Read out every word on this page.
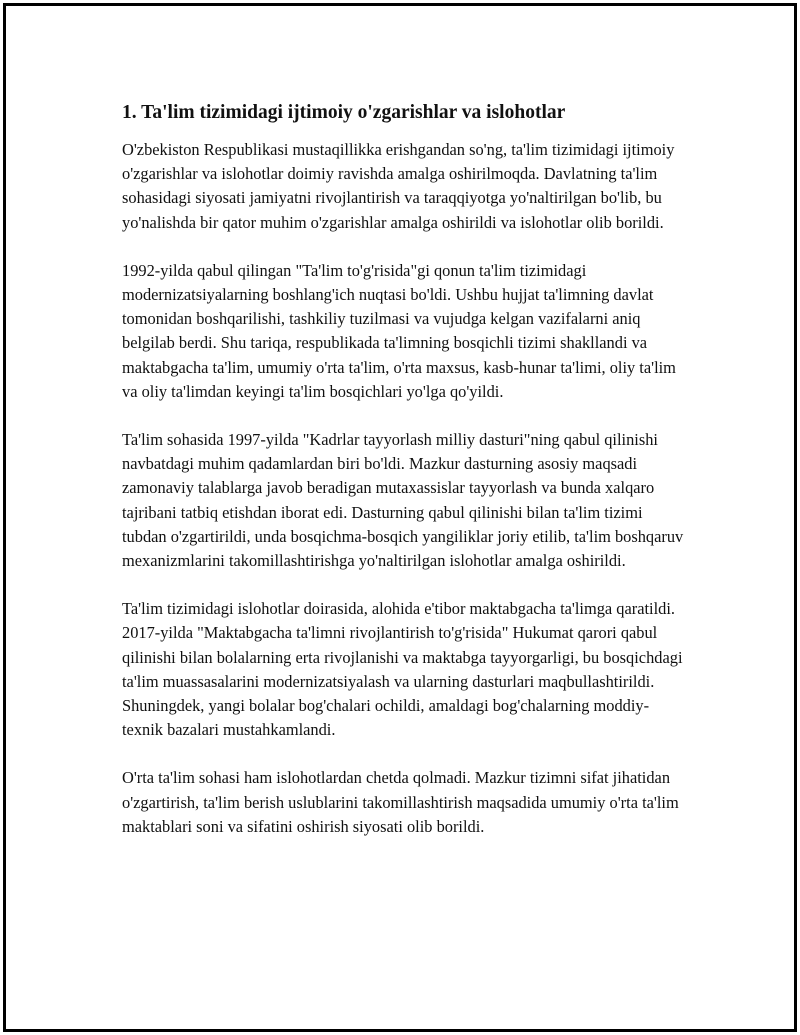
1. Ta'lim tizimidagi ijtimoiy o'zgarishlar va islohotlar

O'zbekiston Respublikasi mustaqillikka erishgandan so'ng, ta'lim tizimidagi ijtimoiy o'zgarishlar va islohotlar doimiy ravishda amalga oshirilmoqda. Davlatning ta'lim sohasidagi siyosati jamiyatni rivojlantirish va taraqqiyotga yo'naltirilgan bo'lib, bu yo'nalishda bir qator muhim o'zgarishlar amalga oshirildi va islohotlar olib borildi.

1992-yilda qabul qilingan "Ta'lim to'g'risida"gi qonun ta'lim tizimidagi modernizatsiyalarning boshlang'ich nuqtasi bo'ldi. Ushbu hujjat ta'limning davlat tomonidan boshqarilishi, tashkiliy tuzilmasi va vujudga kelgan vazifalarni aniq belgilab berdi. Shu tariqa, respublikada ta'limning bosqichli tizimi shakllandi va maktabgacha ta'lim, umumiy o'rta ta'lim, o'rta maxsus, kasb-hunar ta'limi, oliy ta'lim va oliy ta'limdan keyingi ta'lim bosqichlari yo'lga qo'yildi.

Ta'lim sohasida 1997-yilda "Kadrlar tayyorlash milliy dasturi"ning qabul qilinishi navbatdagi muhim qadamlardan biri bo'ldi. Mazkur dasturning asosiy maqsadi zamonaviy talablarga javob beradigan mutaxassislar tayyorlash va bunda xalqaro tajribani tatbiq etishdan iborat edi. Dasturning qabul qilinishi bilan ta'lim tizimi tubdan o'zgartirildi, unda bosqichma-bosqich yangiliklar joriy etilib, ta'lim boshqaruv mexanizmlarini takomillashtirishga yo'naltirilgan islohotlar amalga oshirildi.

Ta'lim tizimidagi islohotlar doirasida, alohida e'tibor maktabgacha ta'limga qaratildi. 2017-yilda "Maktabgacha ta'limni rivojlantirish to'g'risida" Hukumat qarori qabul qilinishi bilan bolalarning erta rivojlanishi va maktabga tayyorgarligi, bu bosqichdagi ta'lim muassasalarini modernizatsiyalash va ularning dasturlari maqbullashtirildi. Shuningdek, yangi bolalar bog'chalari ochildi, amaldagi bog'chalarning moddiy-texnik bazalari mustahkamlandi.

O'rta ta'lim sohasi ham islohotlardan chetda qolmadi. Mazkur tizimni sifat jihatidan o'zgartirish, ta'lim berish uslublarini takomillashtirish maqsadida umumiy o'rta ta'lim maktablari soni va sifatini oshirish siyosati olib borildi.
